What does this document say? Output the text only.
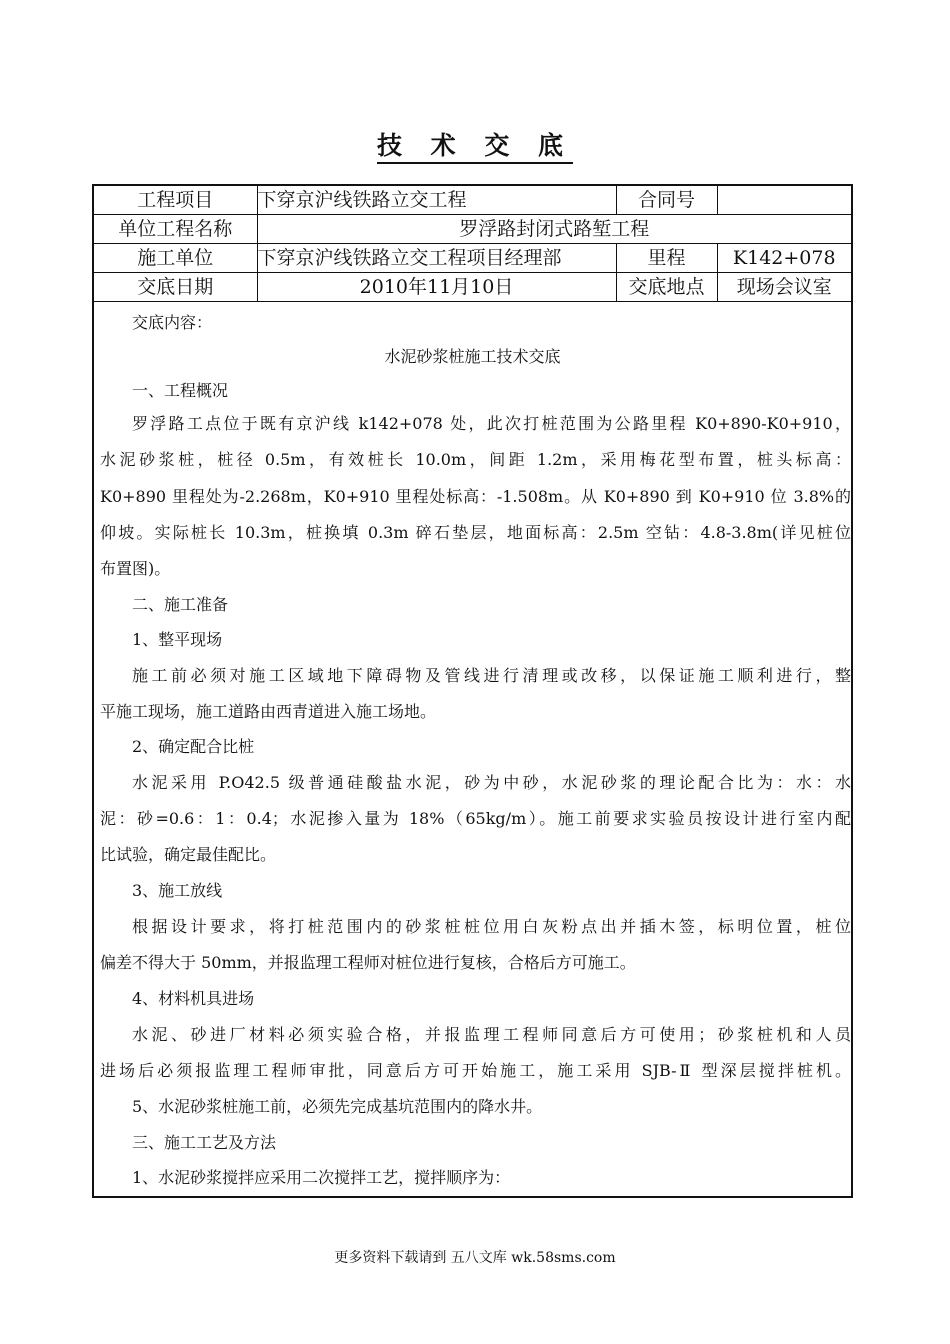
技 术 交 底
工程项目	下穿京沪线铁路立交工程	合同号	
单位工程名称	罗浮路封闭式路堑工程		
施工单位	下穿京沪线铁路立交工程项目经理部	里程	K142+078
交底日期	2010年11月10日	交底地点	现场会议室
交底内容：
水泥砂浆桩施工技术交底
一、工程概况
罗浮路工点位于既有京沪线 k142+078 处，此次打桩范围为公路里程 K0+890-K0+910，
水泥砂浆桩，桩径 0.5m，有效桩长 10.0m，间距 1.2m，采用梅花型布置，桩头标高：
K0+890 里程处为-2.268m，K0+910 里程处标高：-1.508m。从 K0+890 到 K0+910 位 3.8%的
仰坡。实际桩长 10.3m，桩换填 0.3m 碎石垫层，地面标高：2.5m 空钻：4.8-3.8m(详见桩位
布置图)。
二、施工准备
1、整平现场
施工前必须对施工区域地下障碍物及管线进行清理或改移，以保证施工顺利进行，整
平施工现场，施工道路由西青道进入施工场地。
2、确定配合比桩
水泥采用 P.O42.5 级普通硅酸盐水泥，砂为中砂，水泥砂浆的理论配合比为：水：水
泥：砂=0.6：1：0.4；水泥掺入量为 18%（65kg/m）。施工前要求实验员按设计进行室内配
比试验，确定最佳配比。
3、施工放线
根据设计要求，将打桩范围内的砂浆桩桩位用白灰粉点出并插木签，标明位置，桩位
偏差不得大于 50mm，并报监理工程师对桩位进行复核，合格后方可施工。
4、材料机具进场
水泥、砂进厂材料必须实验合格，并报监理工程师同意后方可使用；砂浆桩机和人员
进场后必须报监理工程师审批，同意后方可开始施工，施工采用 SJB-Ⅱ 型深层搅拌桩机。
5、水泥砂浆桩施工前，必须先完成基坑范围内的降水井。
三、施工工艺及方法
1、水泥砂浆搅拌应采用二次搅拌工艺，搅拌顺序为：
更多资料下载请到 五八文库 wk.58sms.com
